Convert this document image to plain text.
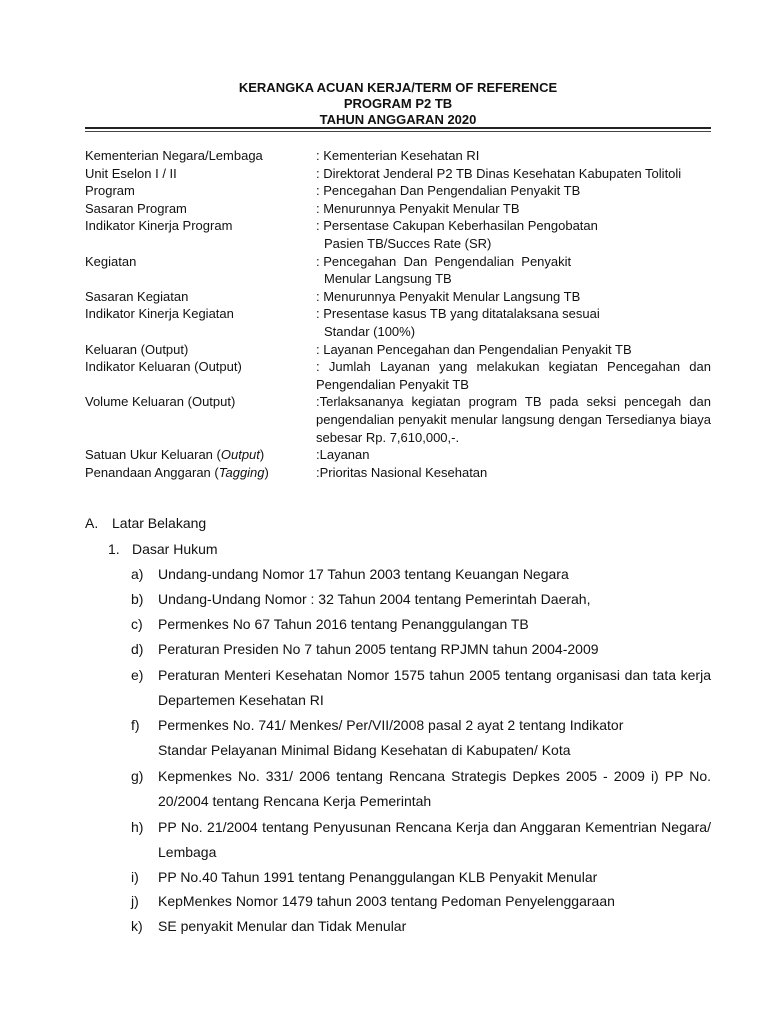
KERANGKA ACUAN KERJA/TERM OF REFERENCE
PROGRAM P2 TB
TAHUN ANGGARAN 2020
Kementerian Negara/Lembaga	: Kementerian Kesehatan RI
Unit Eselon I / II	: Direktorat Jenderal P2 TB Dinas Kesehatan Kabupaten Tolitoli
Program	: Pencegahan Dan Pengendalian Penyakit TB
Sasaran Program	: Menurunnya Penyakit Menular TB
Indikator Kinerja Program	: Persentase Cakupan Keberhasilan Pengobatan
Pasien TB/Succes Rate (SR)
Kegiatan	: Pencegahan  Dan  Pengendalian  Penyakit
Menular Langsung TB
Sasaran Kegiatan	: Menurunnya Penyakit Menular Langsung TB
Indikator Kinerja Kegiatan	: Presentase kasus TB yang ditatalaksana sesuai
Standar (100%)
Keluaran (Output)	: Layanan Pencegahan dan Pengendalian Penyakit TB
Indikator Keluaran (Output)	: Jumlah Layanan yang melakukan kegiatan Pencegahan dan Pengendalian Penyakit TB
Volume Keluaran (Output)	:Terlaksananya kegiatan program TB pada seksi pencegah dan pengendalian penyakit menular langsung dengan Tersedianya biaya sebesar Rp. 7,610,000,-.
Satuan Ukur Keluaran (Output)	:Layanan
Penandaan Anggaran (Tagging)	:Prioritas Nasional Kesehatan
A. Latar Belakang
1. Dasar Hukum
a)	Undang-undang Nomor 17 Tahun 2003 tentang Keuangan Negara
b)	Undang-Undang Nomor : 32 Tahun 2004 tentang Pemerintah Daerah,
c)	Permenkes No 67 Tahun 2016 tentang Penanggulangan TB
d)	Peraturan Presiden No 7 tahun 2005 tentang RPJMN tahun 2004-2009
e)	Peraturan Menteri Kesehatan Nomor 1575 tahun 2005 tentang organisasi dan tata kerja Departemen Kesehatan RI
f)	Permenkes No. 741/ Menkes/ Per/VII/2008 pasal 2 ayat 2 tentang Indikator
Standar Pelayanan Minimal Bidang Kesehatan di Kabupaten/ Kota
g)	Kepmenkes No. 331/ 2006 tentang Rencana Strategis Depkes 2005 - 2009 i) PP No. 20/2004 tentang Rencana Kerja Pemerintah
h)	PP No. 21/2004 tentang Penyusunan Rencana Kerja dan Anggaran Kementrian Negara/ Lembaga
i)	PP No.40 Tahun 1991 tentang Penanggulangan KLB Penyakit Menular
j)	KepMenkes Nomor 1479 tahun 2003 tentang Pedoman Penyelenggaraan
k)	SE penyakit Menular dan Tidak Menular
